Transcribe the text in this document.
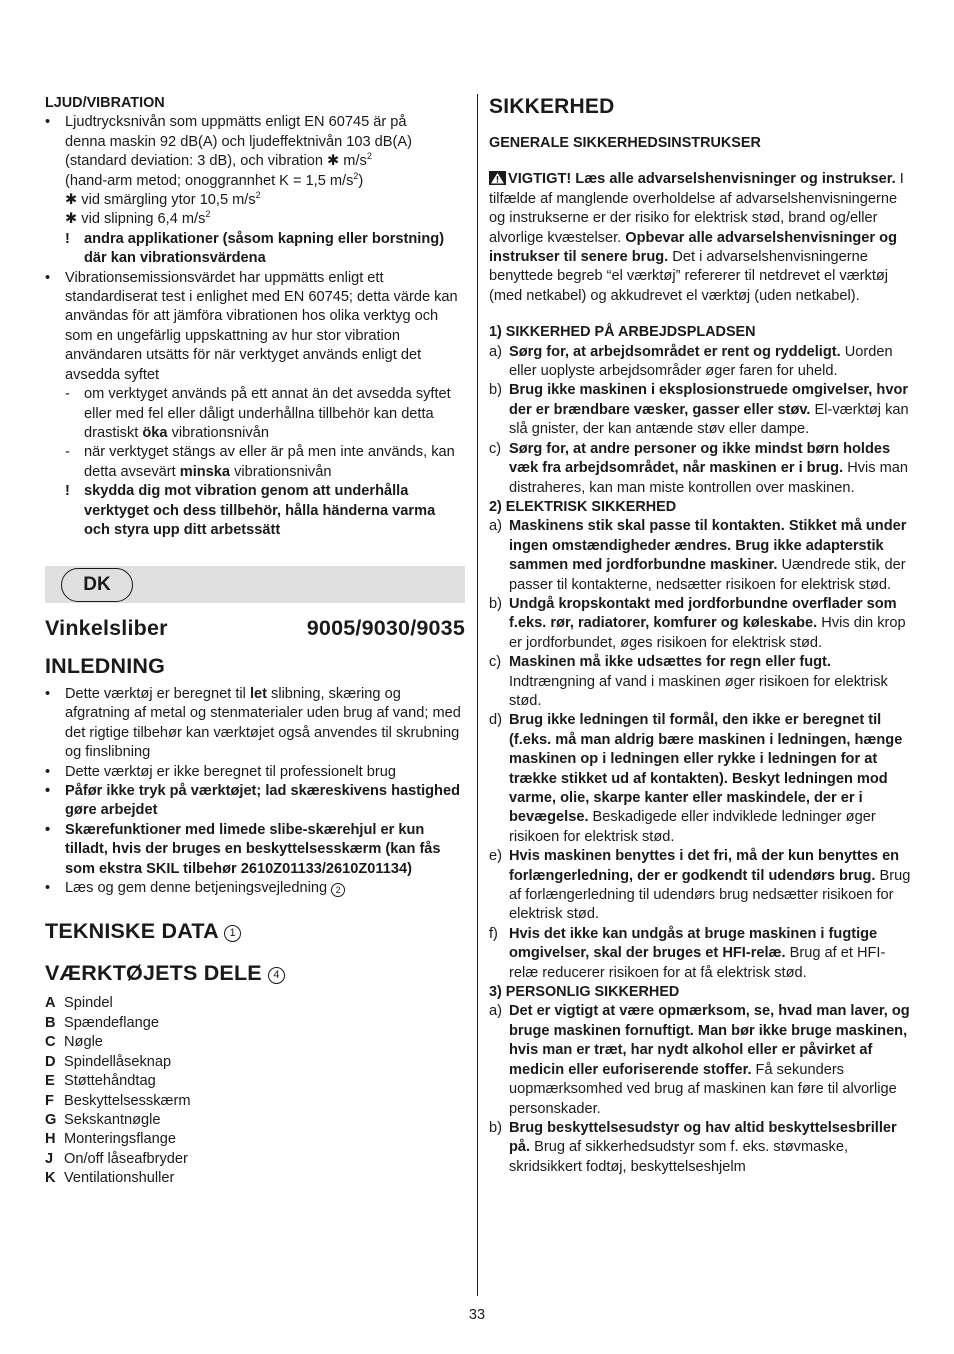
LJUD/VIBRATION
• Ljudtrycksnivån som uppmätts enligt EN 60745 är på
denna maskin 92 dB(A) och ljudeffektnivån 103 dB(A)
(standard deviation: 3 dB), och vibration ✱ $m/s^2$
(hand-arm metod; onoggrannhet K = 1,5 $m/s^2$)
✱ vid smärgling ytor 10,5 $m/s^2$
✱ vid slipning 6,4 $m/s^2$
! andra applikationer (såsom kapning eller borstning) där kan vibrationsvärdena
• Vibrationsemissionsvärdet har uppmätts enligt ett standardiserat test i enlighet med EN 60745; detta värde kan användas för att jämföra vibrationen hos olika verktyg och som en ungefärlig uppskattning av hur stor vibration användaren utsätts för när verktyget används enligt det avsedda syftet
- om verktyget används på ett annat än det avsedda syftet eller med fel eller dåligt underhållna tillbehör kan detta drastiskt öka vibrationsnivån
- när verktyget stängs av eller är på men inte används, kan detta avsevärt minska vibrationsnivån
! skydda dig mot vibration genom att underhålla verktyget och dess tillbehör, hålla händerna varma och styra upp ditt arbetssätt
DK
Vinkelsliber	9005/9030/9035
INLEDNING
• Dette værktøj er beregnet til let slibning, skæring og afgratning af metal og stenmaterialer uden brug af vand; med det rigtige tilbehør kan værktøjet også anvendes til skrubning og finslibning
• Dette værktøj er ikke beregnet til professionelt brug
• Påfør ikke tryk på værktøjet; lad skæreskivens hastighed gøre arbejdet
• Skærefunktioner med limede slibe-skærehjul er kun tilladt, hvis der bruges en beskyttelsesskærm (kan fås som ekstra SKIL tilbehør 2610Z01133/2610Z01134)
• Læs og gem denne betjeningsvejledning 2
TEKNISKE DATA 1
VÆRKTØJETS DELE 4
A Spindel
B Spændeflange
C Nøgle
D Spindellåseknap
E Støttehåndtag
F Beskyttelsesskærm
G Sekskantnøgle
H Monteringsflange
J On/off låseafbryder
K Ventilationshuller
SIKKERHED
GENERALE SIKKERHEDSINSTRUKSER
VIGTIGT! Læs alle advarselshenvisninger og instrukser. I tilfælde af manglende overholdelse af advarselshenvisningerne og instrukserne er der risiko for elektrisk stød, brand og/eller alvorlige kvæstelser. Opbevar alle advarselshenvisninger og instrukser til senere brug. Det i advarselshenvisningerne benyttede begreb “el værktøj” refererer til netdrevet el værktøj (med netkabel) og akkudrevet el værktøj (uden netkabel).
1) SIKKERHED PÅ ARBEJDSPLADSEN
a) Sørg for, at arbejdsområdet er rent og ryddeligt. Uorden eller uoplyste arbejdsområder øger faren for uheld.
b) Brug ikke maskinen i eksplosionstruede omgivelser, hvor der er brændbare væsker, gasser eller støv. El-værktøj kan slå gnister, der kan antænde støv eller dampe.
c) Sørg for, at andre personer og ikke mindst børn holdes væk fra arbejdsområdet, når maskinen er i brug. Hvis man distraheres, kan man miste kontrollen over maskinen.
2) ELEKTRISK SIKKERHED
a) Maskinens stik skal passe til kontakten. Stikket må under ingen omstændigheder ændres. Brug ikke adapterstik sammen med jordforbundne maskiner. Uændrede stik, der passer til kontakterne, nedsætter risikoen for elektrisk stød.
b) Undgå kropskontakt med jordforbundne overflader som f.eks. rør, radiatorer, komfurer og køleskabe. Hvis din krop er jordforbundet, øges risikoen for elektrisk stød.
c) Maskinen må ikke udsættes for regn eller fugt. Indtrængning af vand i maskinen øger risikoen for elektrisk stød.
d) Brug ikke ledningen til formål, den ikke er beregnet til (f.eks. må man aldrig bære maskinen i ledningen, hænge maskinen op i ledningen eller rykke i ledningen for at trække stikket ud af kontakten). Beskyt ledningen mod varme, olie, skarpe kanter eller maskindele, der er i bevægelse. Beskadigede eller indviklede ledninger øger risikoen for elektrisk stød.
e) Hvis maskinen benyttes i det fri, må der kun benyttes en forlængerledning, der er godkendt til udendørs brug. Brug af forlængerledning til udendørs brug nedsætter risikoen for elektrisk stød.
f) Hvis det ikke kan undgås at bruge maskinen i fugtige omgivelser, skal der bruges et HFI-relæ. Brug af et HFI-relæ reducerer risikoen for at få elektrisk stød.
3) PERSONLIG SIKKERHED
a) Det er vigtigt at være opmærksom, se, hvad man laver, og bruge maskinen fornuftigt. Man bør ikke bruge maskinen, hvis man er træt, har nydt alkohol eller er påvirket af medicin eller euforiserende stoffer. Få sekunders uopmærksomhed ved brug af maskinen kan føre til alvorlige personskader.
b) Brug beskyttelsesudstyr og hav altid beskyttelsesbriller på. Brug af sikkerhedsudstyr som f. eks. støvmaske, skridsikkert fodtøj, beskyttelseshjelm
33
